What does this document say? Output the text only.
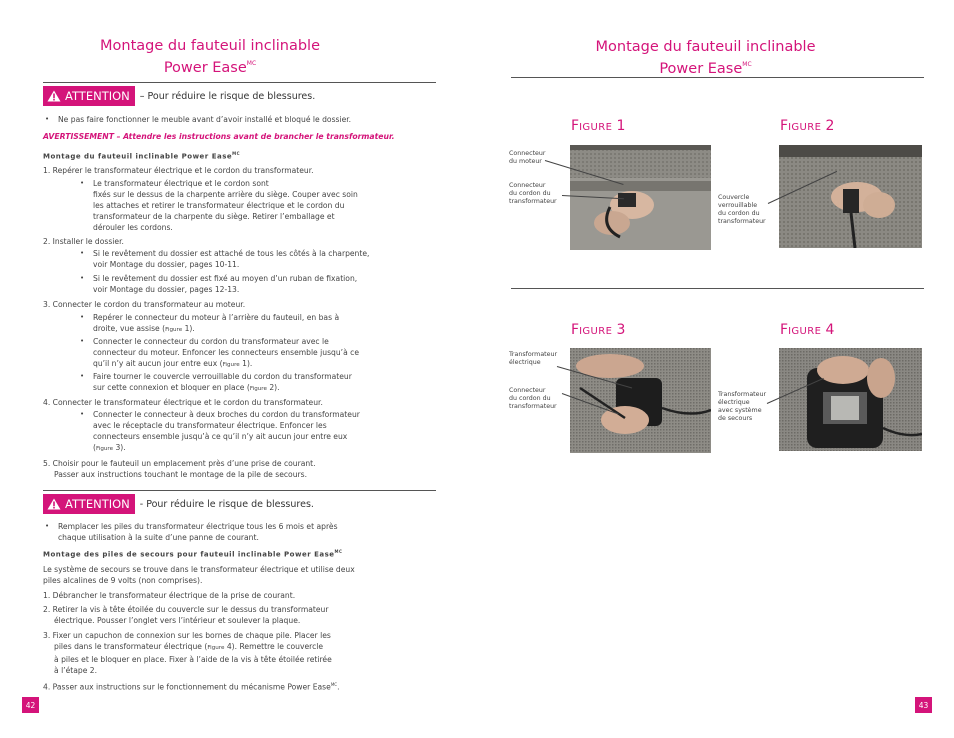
Montage du fauteuil inclinable
Power Ease$^{MC}$
ATTENTION – Pour réduire le risque de blessures.
• Ne pas faire fonctionner le meuble avant d’avoir installé et bloqué le dossier.
AVERTISSEMENT – Attendre les instructions avant de brancher le transformateur.
Montage du fauteuil inclinable Power Ease$^{MC}$
1. Repérer le transformateur électrique et le cordon du transformateur.
• Le transformateur électrique et le cordon sont
fixés sur le dessus de la charpente arrière du siège. Couper avec soin
les attaches et retirer le transformateur électrique et le cordon du
transformateur de la charpente du siège. Retirer l’emballage et
dérouler les cordons.
2. Installer le dossier.
• Si le revêtement du dossier est attaché de tous les côtés à la charpente,
voir Montage du dossier, pages 10-11.
• Si le revêtement du dossier est fixé au moyen d’un ruban de fixation,
voir Montage du dossier, pages 12-13.
3. Connecter le cordon du transformateur au moteur.
• Repérer le connecteur du moteur à l’arrière du fauteuil, en bas à
droite, vue assise (Figure 1).
• Connecter le connecteur du cordon du transformateur avec le
connecteur du moteur. Enfoncer les connecteurs ensemble jusqu’à ce
qu’il n’y ait aucun jour entre eux (Figure 1).
• Faire tourner le couvercle verrouillable du cordon du transformateur
sur cette connexion et bloquer en place (Figure 2).
4. Connecter le transformateur électrique et le cordon du transformateur.
• Connecter le connecteur à deux broches du cordon du transformateur
avec le réceptacle du transformateur électrique. Enfoncer les
connecteurs ensemble jusqu’à ce qu’il n’y ait aucun jour entre eux
(Figure 3).
5. Choisir pour le fauteuil un emplacement près d’une prise de courant.
Passer aux instructions touchant le montage de la pile de secours.
ATTENTION - Pour réduire le risque de blessures.
• Remplacer les piles du transformateur électrique tous les 6 mois et après
chaque utilisation à la suite d’une panne de courant.
Montage des piles de secours pour fauteuil inclinable Power Ease$^{MC}$
Le système de secours se trouve dans le transformateur électrique et utilise deux
piles alcalines de 9 volts (non comprises).
1. Débrancher le transformateur électrique de la prise de courant.
2. Retirer la vis à tête étoilée du couvercle sur le dessus du transformateur
électrique. Pousser l’onglet vers l’intérieur et soulever la plaque.
3. Fixer un capuchon de connexion sur les bornes de chaque pile. Placer les
piles dans le transformateur électrique (Figure 4). Remettre le couvercle
à piles et le bloquer en place. Fixer à l’aide de la vis à tête étoilée retirée
à l’étape 2.
4. Passer aux instructions sur le fonctionnement du mécanisme Power Ease$^{MC}$.
42
Montage du fauteuil inclinable
Power Ease$^{MC}$
FIGURE 1
Connecteur
du moteur
Connecteur
du cordon du
transformateur
FIGURE 2
Couvercle
verrouillable
du cordon du
transformateur
FIGURE 3
Transformateur
électrique
Connecteur
du cordon du
transformateur
FIGURE 4
Transformateur
électrique
avec système
de secours
43
